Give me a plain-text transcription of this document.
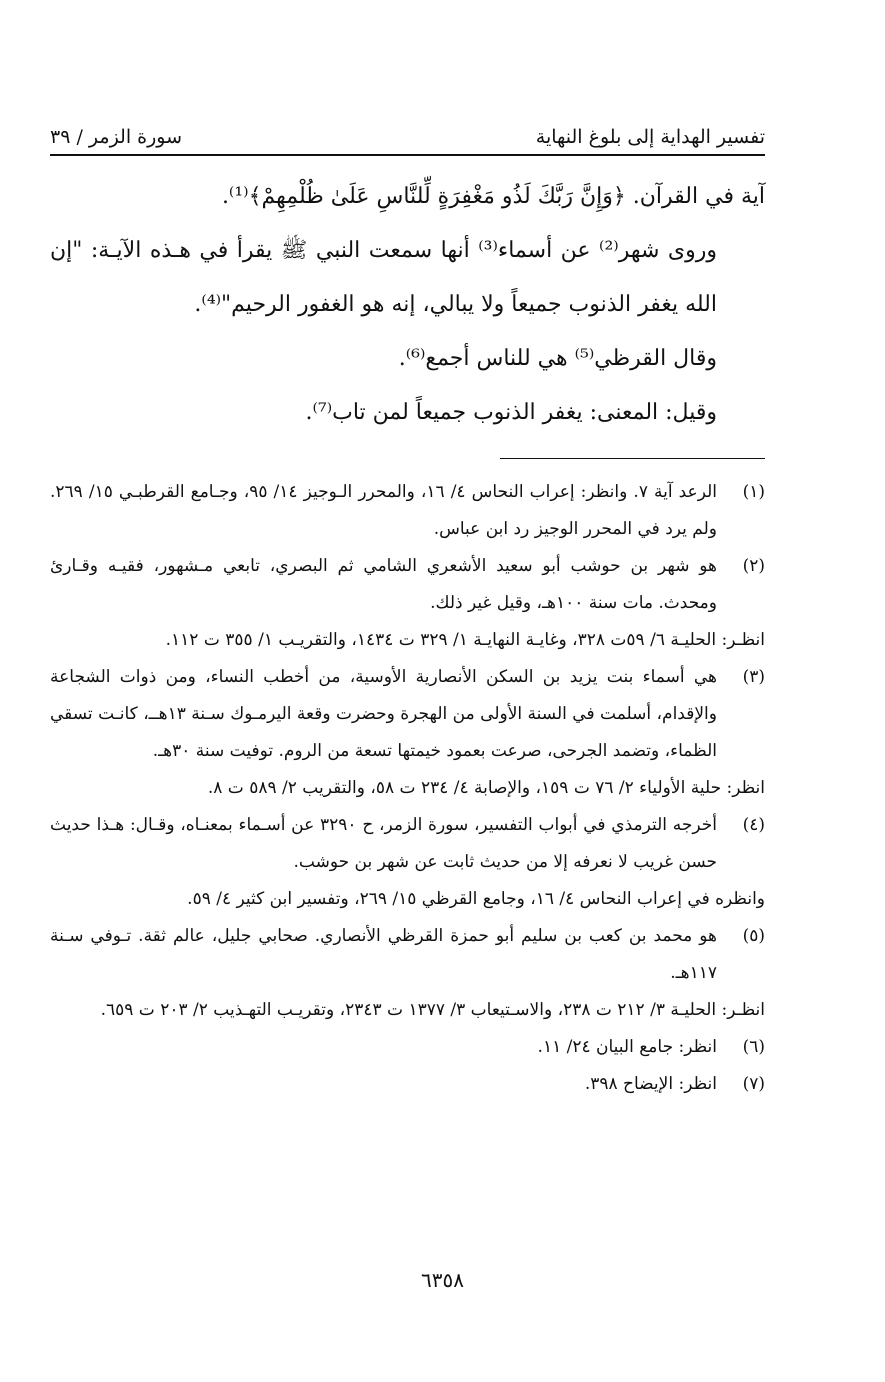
تفسير الهداية إلى بلوغ النهاية
سورة الزمر / ٣٩

آية في القرآن. ﴿وَإِنَّ رَبَّكَ لَذُو مَغْفِرَةٍ لِّلنَّاسِ عَلَىٰ ظُلْمِهِمْ﴾⁽¹⁾.

وروى شهر⁽²⁾ عن أسماء⁽³⁾ أنها سمعت النبي ﷺ يقرأ في هـذه الآيـة: "إن الله يغفر الذنوب جميعاً ولا يبالي، إنه هو الغفور الرحيم"⁽⁴⁾.

وقال القرظي⁽⁵⁾ هي للناس أجمع⁽⁶⁾.

وقيل: المعنى: يغفر الذنوب جميعاً لمن تاب⁽⁷⁾.

(١)
الرعد آية ٧. وانظر: إعراب النحاس ٤/ ١٦، والمحرر الـوجيز ١٤/ ٩٥، وجـامع القرطبـي ١٥/ ٢٦٩. ولم يرد في المحرر الوجيز رد ابن عباس.
(٢)
هو شهر بن حوشب أبو سعيد الأشعري الشامي ثم البصري، تابعي مـشهور، فقيـه وقـارئ ومحدث. مات سنة ١٠٠هـ، وقيل غير ذلك.
انظـر: الحليـة ٦/ ٥٩ت ٣٢٨، وغايـة النهايـة ١/ ٣٢٩ ت ١٤٣٤، والتقريـب ١/ ٣٥٥ ت ١١٢.
(٣)
هي أسماء بنت يزيد بن السكن الأنصارية الأوسية، من أخطب النساء، ومن ذوات الشجاعة والإقدام، أسلمت في السنة الأولى من الهجرة وحضرت وقعة اليرمـوك سـنة ١٣هــ، كانـت تسقي الظماء، وتضمد الجرحى، صرعت بعمود خيمتها تسعة من الروم. توفيت سنة ٣٠هـ.
انظر: حلية الأولياء ٢/ ٧٦ ت ١٥٩، والإصابة ٤/ ٢٣٤ ت ٥٨، والتقريب ٢/ ٥٨٩ ت ٨.
(٤)
أخرجه الترمذي في أبواب التفسير، سورة الزمر، ح ٣٢٩٠ عن أسـماء بمعنـاه، وقـال: هـذا حديث حسن غريب لا نعرفه إلا من حديث ثابت عن شهر بن حوشب.
وانظره في إعراب النحاس ٤/ ١٦، وجامع القرظي ١٥/ ٢٦٩، وتفسير ابن كثير ٤/ ٥٩.
(٥)
هو محمد بن كعب بن سليم أبو حمزة القرظي الأنصاري. صحابي جليل، عالم ثقة. تـوفي سـنة ١١٧هـ.
انظـر: الحليـة ٣/ ٢١٢ ت ٢٣٨، والاسـتيعاب ٣/ ١٣٧٧ ت ٢٣٤٣، وتقريـب التهـذيب ٢/ ٢٠٣ ت ٦٥٩.
(٦)
انظر: جامع البيان ٢٤/ ١١.
(٧)
انظر: الإيضاح ٣٩٨.
٦٣٥٨
